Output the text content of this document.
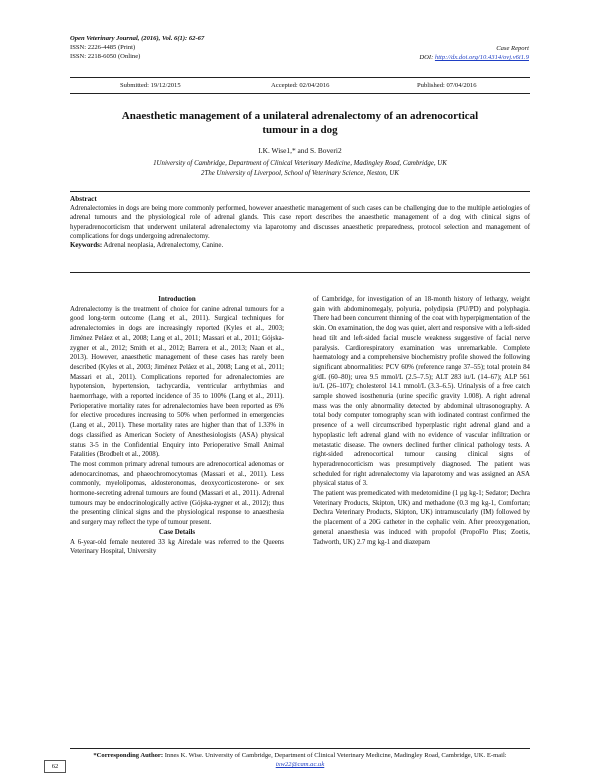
Open Veterinary Journal, (2016), Vol. 6(1): 62-67
ISSN: 2226-4485 (Print)
ISSN: 2218-6050 (Online)
Case Report
DOI: http://dx.doi.org/10.4314/ovj.v6i1.9
Submitted: 19/12/2015	Accepted: 02/04/2016	Published: 07/04/2016
Anaesthetic management of a unilateral adrenalectomy of an adrenocortical
tumour in a dog
I.K. Wise1,* and S. Boveri2
1University of Cambridge, Department of Clinical Veterinary Medicine, Madingley Road, Cambridge, UK
2The University of Liverpool, School of Veterinary Science, Neston, UK
Abstract
Adrenalectomies in dogs are being more commonly performed, however anaesthetic management of such cases can be challenging due to the multiple aetiologies of adrenal tumours and the physiological role of adrenal glands. This case report describes the anaesthetic management of a dog with clinical signs of hyperadrenocorticism that underwent unilateral adrenalectomy via laparotomy and discusses anaesthetic preparedness, protocol selection and management of complications for dogs undergoing adrenalectomy.
Keywords: Adrenal neoplasia, Adrenalectomy, Canine.

Introduction

Adrenalectomy is the treatment of choice for canine adrenal tumours for a good long-term outcome (Lang et al., 2011). Surgical techniques for adrenalectomies in dogs are increasingly reported (Kyles et al., 2003; Jiménez Peláez et al., 2008; Lang et al., 2011; Massari et al., 2011; Gójska-zygner et al., 2012; Smith et al., 2012; Barrera et al., 2013; Naan et al., 2013). However, anaesthetic management of these cases has rarely been described (Kyles et al., 2003; Jiménez Peláez et al., 2008; Lang et al., 2011; Massari et al., 2011). Complications reported for adrenalectomies are hypotension, hypertension, tachycardia, ventricular arrhythmias and haemorrhage, with a reported incidence of 35 to 100% (Lang et al., 2011). Perioperative mortality rates for adrenalectomies have been reported as 6% for elective procedures increasing to 50% when performed in emergencies (Lang et al., 2011). These mortality rates are higher than that of 1.33% in dogs classified as American Society of Anesthesiologists (ASA) physical status 3-5 in the Confidential Enquiry into Perioperative Small Animal Fatalities (Brodbelt et al., 2008).

The most common primary adrenal tumours are adrenocortical adenomas or adenocarcinomas, and phaeochromocytomas (Massari et al., 2011). Less commonly, myelolipomas, aldosteronomas, deoxycorticosterone- or sex hormone-secreting adrenal tumours are found (Massari et al., 2011). Adrenal tumours may be endocrinologically active (Gójska-zygner et al., 2012); thus the presenting clinical signs and the physiological response to anaesthesia and surgery may reflect the type of tumour present.

Case Details

A 6-year-old female neutered 33 kg Airedale was referred to the Queens Veterinary Hospital, University

of Cambridge, for investigation of an 18-month history of lethargy, weight gain with abdominomegaly, polyuria, polydipsia (PU/PD) and polyphagia. There had been concurrent thinning of the coat with hyperpigmentation of the skin. On examination, the dog was quiet, alert and responsive with a left-sided head tilt and left-sided facial muscle weakness suggestive of facial nerve paralysis. Cardiorespiratory examination was unremarkable. Complete haematology and a comprehensive biochemistry profile showed the following significant abnormalities: PCV 60% (reference range 37–55); total protein 84 g/dL (60–80); urea 9.5 mmol/L (2.5–7.5); ALT 283 iu/L (14–67); ALP 561 iu/L (26–107); cholesterol 14.1 mmol/L (3.3–6.5). Urinalysis of a free catch sample showed isosthenuria (urine specific gravity 1.008). A right adrenal mass was the only abnormality detected by abdominal ultrasonography. A total body computer tomography scan with iodinated contrast confirmed the presence of a well circumscribed hyperplastic right adrenal gland and a hypoplastic left adrenal gland with no evidence of vascular infiltration or metastatic disease. The owners declined further clinical pathology tests. A right-sided adrenocortical tumour causing clinical signs of hyperadrenocorticism was presumptively diagnosed. The patient was scheduled for right adrenalectomy via laparotomy and was assigned an ASA physical status of 3.

The patient was premedicated with medetomidine (1 µg kg-1; Sedator; Dechra Veterinary Products, Skipton, UK) and methadone (0.3 mg kg-1, Comfortan; Dechra Veterinary Products, Skipton, UK) intramuscularly (IM) followed by the placement of a 20G catheter in the cephalic vein. After preoxygenation, general anaesthesia was induced with propofol (PropoFlo Plus; Zoetis, Tadworth, UK) 2.7 mg kg-1 and diazepam

*Corresponding Author: Innes K. Wise. University of Cambridge, Department of Clinical Veterinary Medicine, Madingley Road, Cambridge, UK. E-mail: ixw22@cam.ac.uk
62
